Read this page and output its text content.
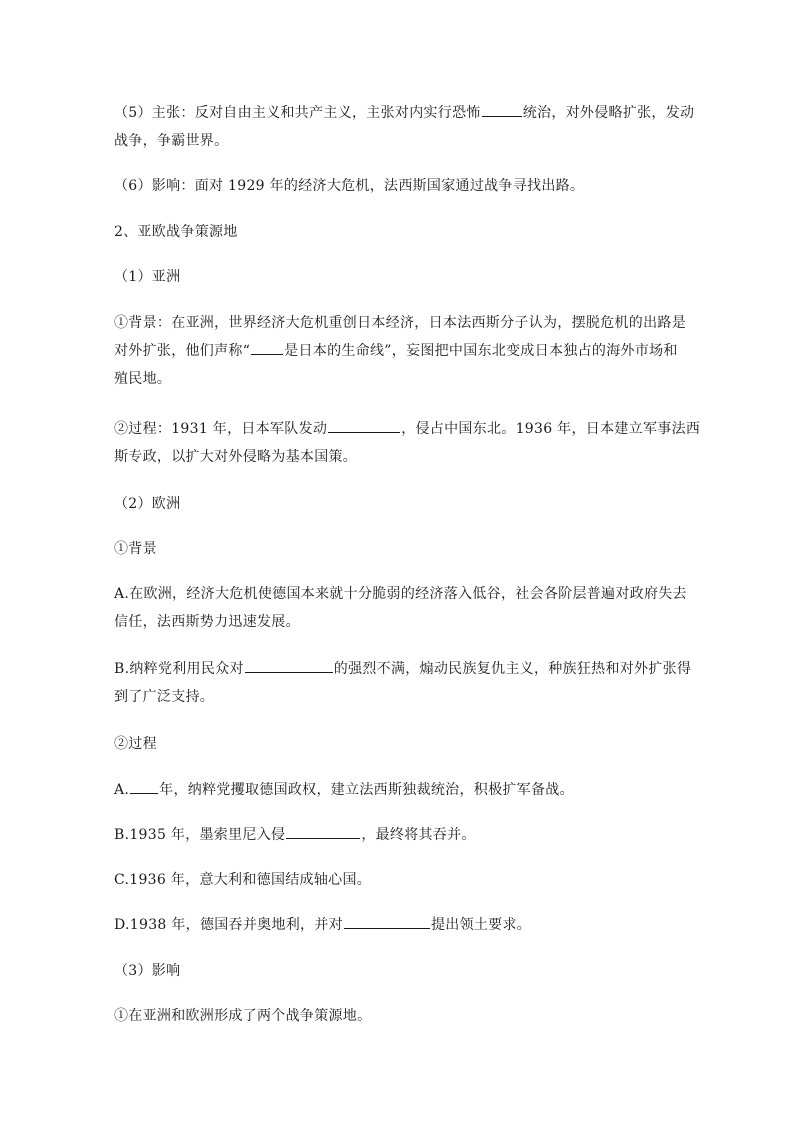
（5）主张：反对自由主义和共产主义，主张对内实行恐怖	统治，对外侵略扩张，发动
战争，争霸世界。

（6）影响：面对 1929 年的经济大危机，法西斯国家通过战争寻找出路。

2、亚欧战争策源地

（1）亚洲

①背景：在亚洲，世界经济大危机重创日本经济，日本法西斯分子认为，摆脱危机的出路是
对外扩张，他们声称“ 是日本的生命线”，妄图把中国东北变成日本独占的海外市场和
殖民地。

②过程：1931 年，日本军队发动	，侵占中国东北。1936 年，日本建立军事法西
斯专政，以扩大对外侵略为基本国策。

（2）欧洲

①背景

A.在欧洲，经济大危机使德国本来就十分脆弱的经济落入低谷，社会各阶层普遍对政府失去
信任，法西斯势力迅速发展。

B.纳粹党利用民众对	的强烈不满，煽动民族复仇主义，种族狂热和对外扩张得
到了广泛支持。

②过程

A. 年，纳粹党攫取德国政权，建立法西斯独裁统治，积极扩军备战。

B.1935 年，墨索里尼入侵	，最终将其吞并。

C.1936 年，意大利和德国结成轴心国。

D.1938 年，德国吞并奥地利，并对	提出领土要求。

（3）影响

①在亚洲和欧洲形成了两个战争策源地。
